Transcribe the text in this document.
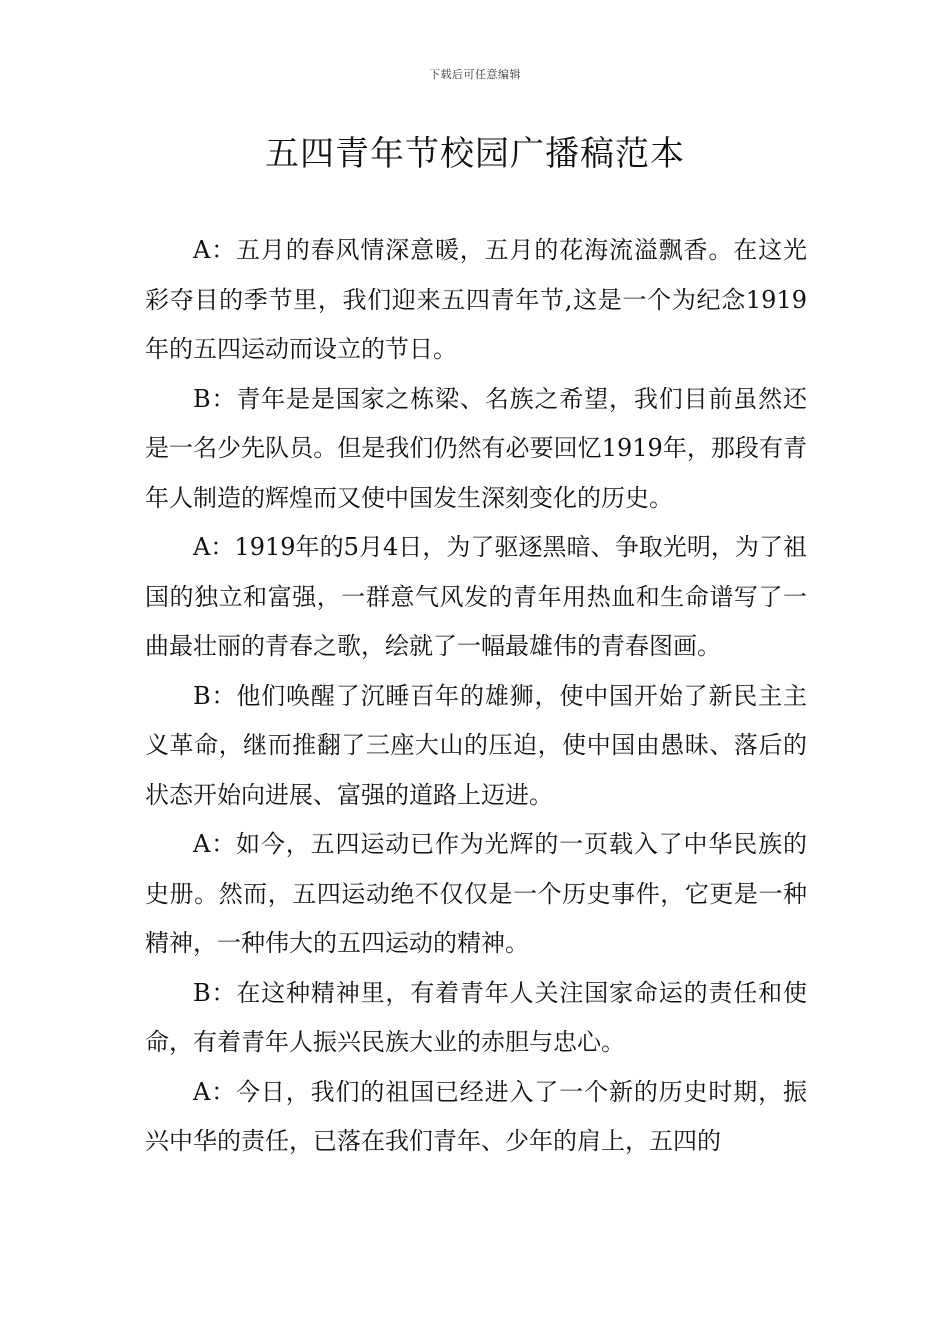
下载后可任意编辑
五四青年节校园广播稿范本

A：五月的春风情深意暖，五月的花海流溢飘香。在这光彩夺目的季节里，我们迎来五四青年节,这是一个为纪念1919年的五四运动而设立的节日。

B：青年是是国家之栋梁、名族之希望，我们目前虽然还是一名少先队员。但是我们仍然有必要回忆1919年，那段有青年人制造的辉煌而又使中国发生深刻变化的历史。

A：1919年的5月4日，为了驱逐黑暗、争取光明，为了祖国的独立和富强，一群意气风发的青年用热血和生命谱写了一曲最壮丽的青春之歌，绘就了一幅最雄伟的青春图画。

B：他们唤醒了沉睡百年的雄狮，使中国开始了新民主主义革命，继而推翻了三座大山的压迫，使中国由愚昧、落后的状态开始向进展、富强的道路上迈进。

A：如今，五四运动已作为光辉的一页载入了中华民族的史册。然而，五四运动绝不仅仅是一个历史事件，它更是一种精神，一种伟大的五四运动的精神。

B：在这种精神里，有着青年人关注国家命运的责任和使命，有着青年人振兴民族大业的赤胆与忠心。

A：今日，我们的祖国已经进入了一个新的历史时期，振兴中华的责任，已落在我们青年、少年的肩上，五四的
